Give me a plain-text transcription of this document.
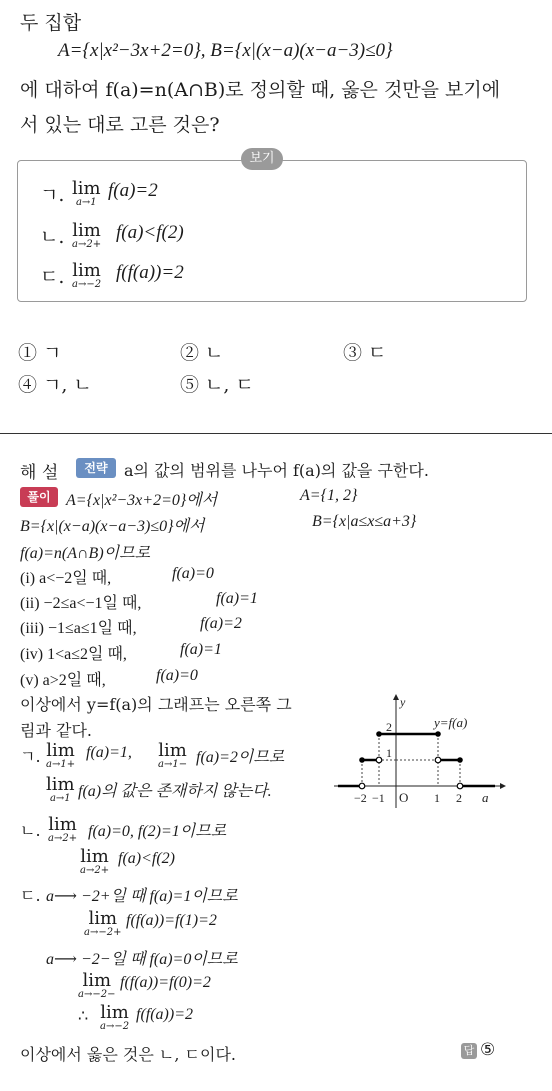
두 집합
A={x|x²−3x+2=0}, B={x|(x−a)(x−a−3)≤0}
에 대하여 f(a)=n(A∩B)로 정의할 때, 옳은 것만을 보기에
서 있는 대로 고른 것은?
보기
ㄱ. lim
a→1
f(a)=2
ㄴ. lim
a→2+
f(a)<f(2)
ㄷ. lim
a→−2
f(f(a))=2
① ㄱ	② ㄴ	③ ㄷ
④ ㄱ, ㄴ	⑤ ㄴ, ㄷ
해 설	전략	a의 값의 범위를 나누어 f(a)의 값을 구한다.
풀이 A={x|x²−3x+2=0}에서	A={1, 2}
B={x|(x−a)(x−a−3)≤0}에서	B={x|a≤x≤a+3}
f(a)=n(A∩B)이므로
(i) a<−2일 때,	f(a)=0
(ii) −2≤a<−1일 때,	f(a)=1
(iii) −1≤a≤1일 때,	f(a)=2
(iv) 1<a≤2일 때,	f(a)=1
(v) a>2일 때,	f(a)=0
이상에서 y=f(a)의 그래프는 오른쪽 그
림과 같다.
ㄱ. lim
a→1+
f(a)=1, lim
a→1− f(a)=2이므로
lim
a→1 f(a)의 값은 존재하지 않는다.
ㄴ. lim
a→2+ f(a)=0, f(2)=1이므로
lim
a→2+
f(a)<f(2)
ㄷ. a⟶ −2+일 때 f(a)=1이므로
lim
a→−2+
f(f(a))=f(1)=2
a⟶ −2−일 때 f(a)=0이므로
lim
a→−2−
f(f(a))=f(0)=2
∴ lim
a→−2
f(f(a))=2
이상에서 옳은 것은 ㄴ, ㄷ이다.	답 ⑤
y
a
y=f(a)
O
−2 −1	1 2
1
2
